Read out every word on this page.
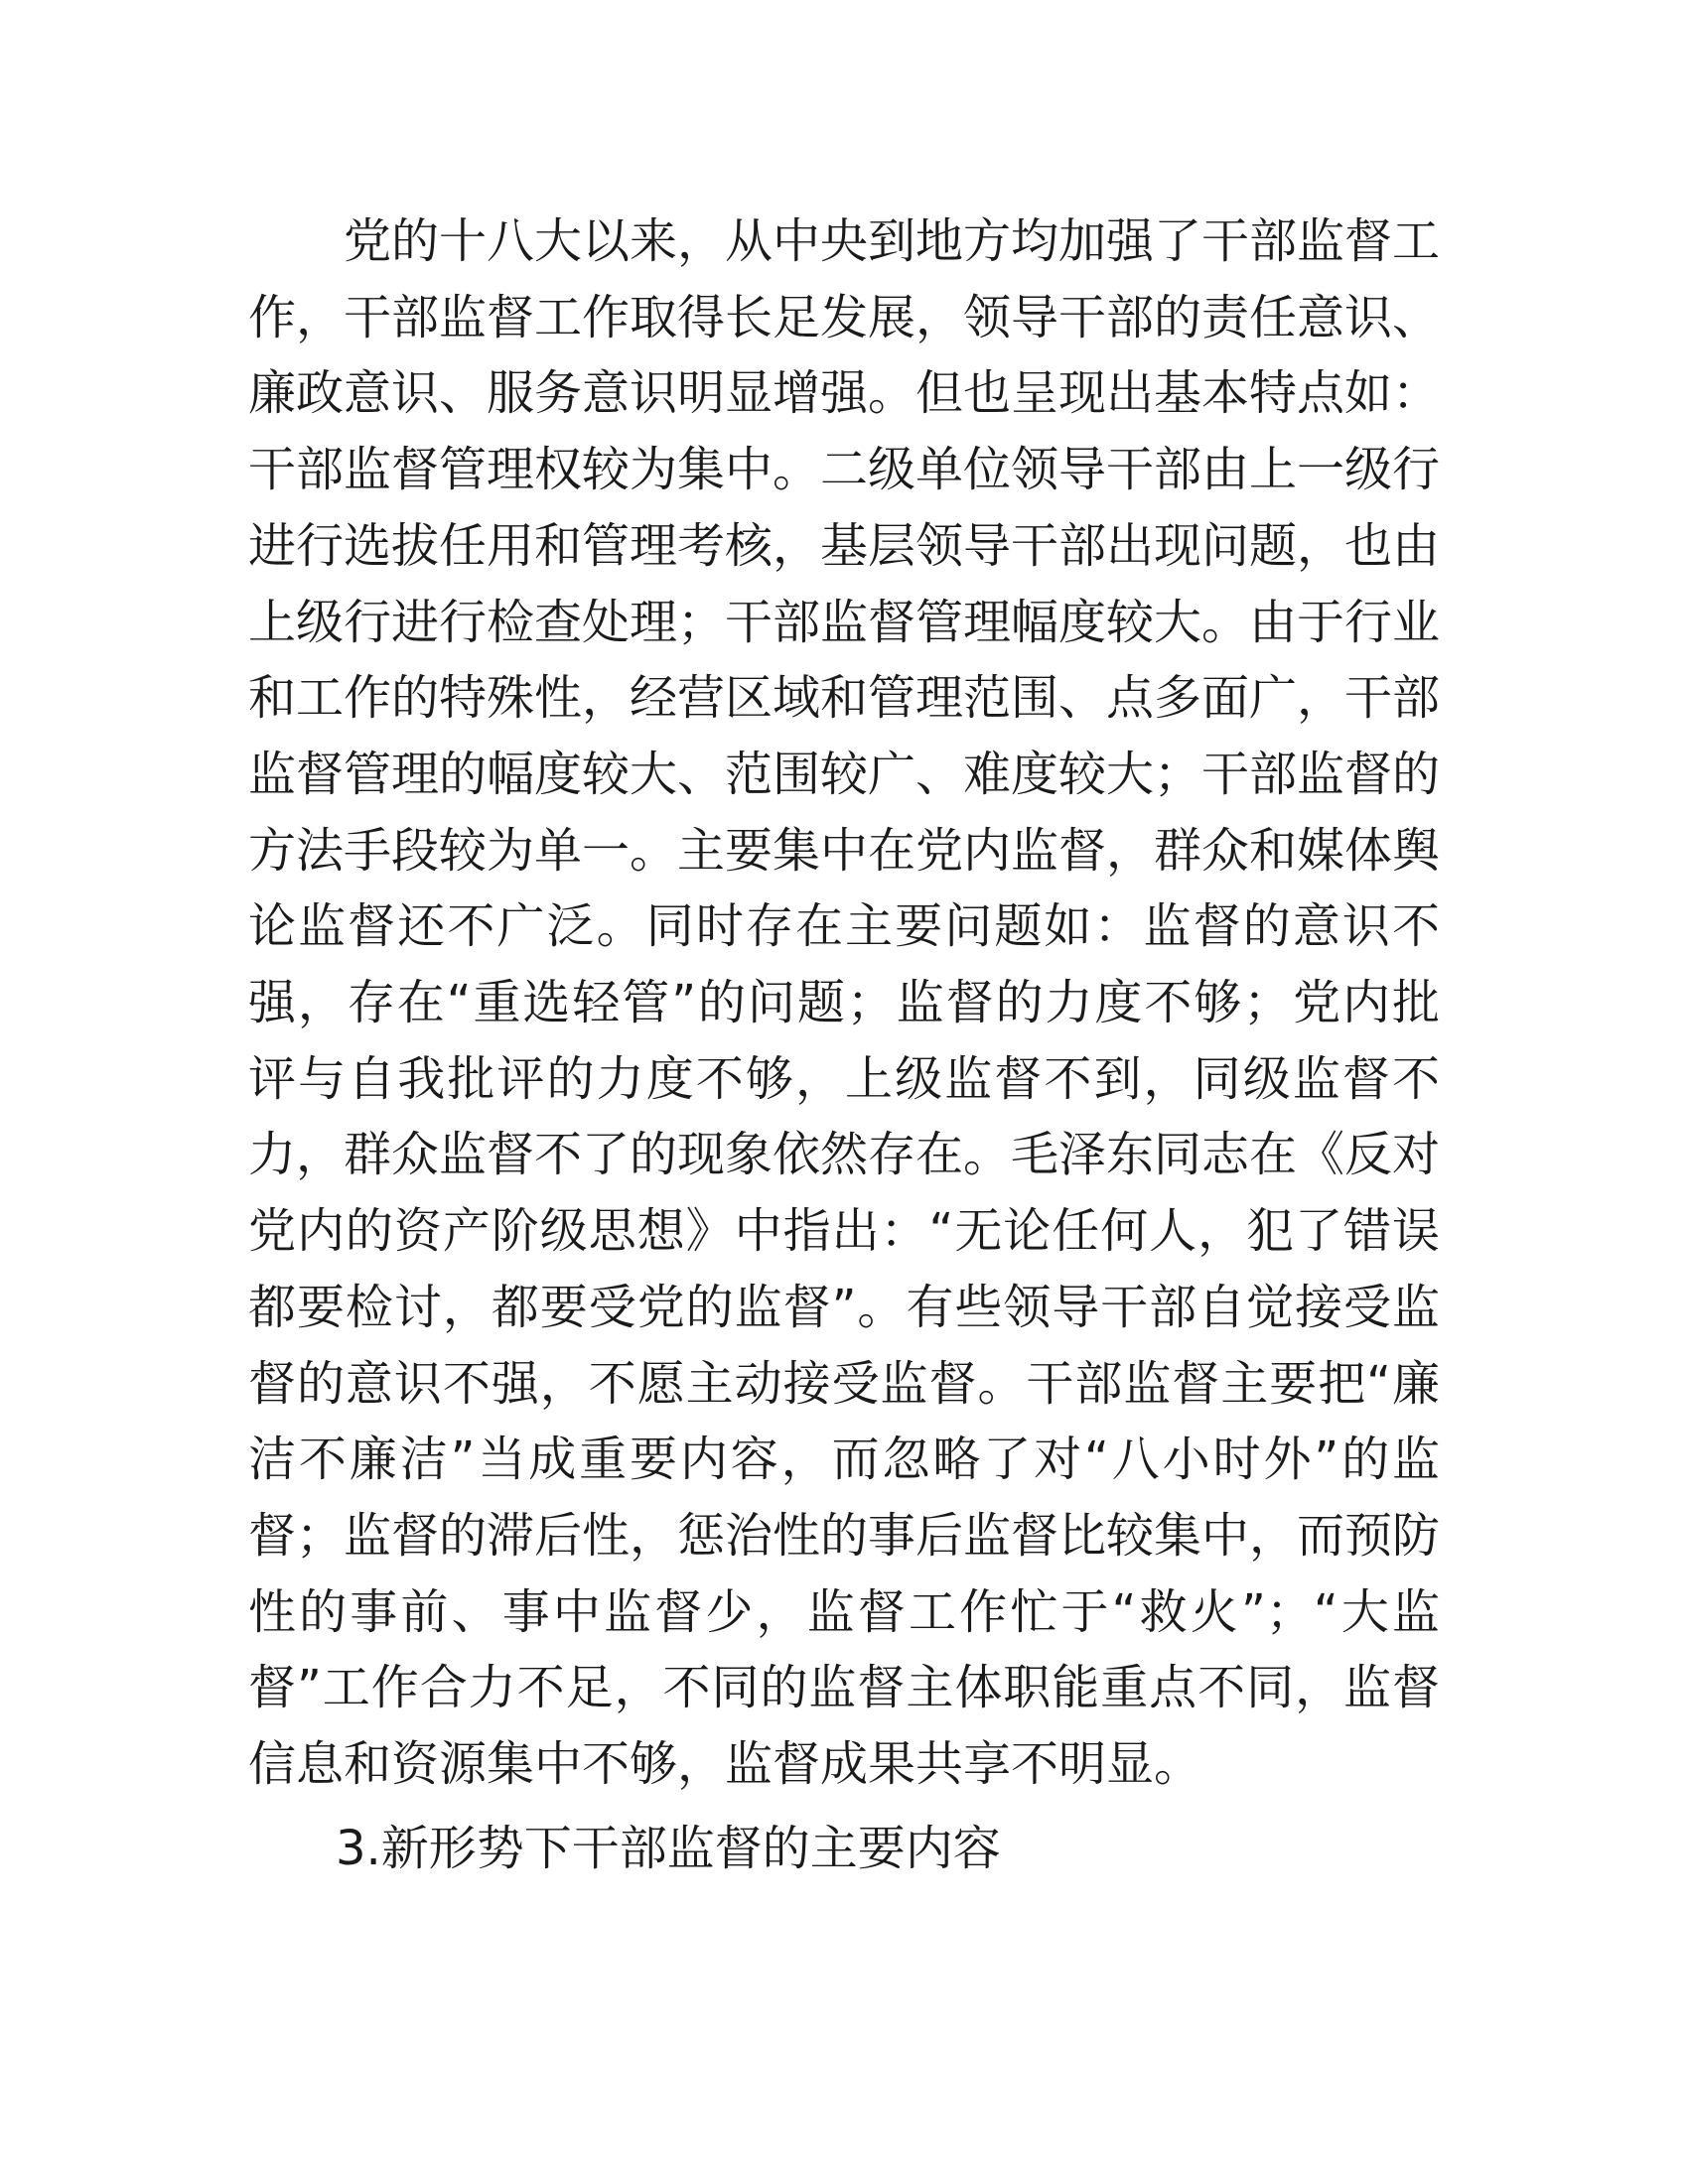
党的十八大以来，从中央到地方均加强了干部监督工作，干部监督工作取得长足发展，领导干部的责任意识、廉政意识、服务意识明显增强。但也呈现出基本特点如：干部监督管理权较为集中。二级单位领导干部由上一级行进行选拔任用和管理考核，基层领导干部出现问题，也由上级行进行检查处理；干部监督管理幅度较大。由于行业和工作的特殊性，经营区域和管理范围、点多面广，干部监督管理的幅度较大、范围较广、难度较大；干部监督的方法手段较为单一。主要集中在党内监督，群众和媒体舆论监督还不广泛。同时存在主要问题如：监督的意识不强，存在“重选轻管”的问题；监督的力度不够；党内批评与自我批评的力度不够，上级监督不到，同级监督不力，群众监督不了的现象依然存在。毛泽东同志在《反对党内的资产阶级思想》中指出：“无论任何人，犯了错误都要检讨，都要受党的监督”。有些领导干部自觉接受监督的意识不强，不愿主动接受监督。干部监督主要把“廉洁不廉洁”当成重要内容，而忽略了对“八小时外”的监督；监督的滞后性，惩治性的事后监督比较集中，而预防性的事前、事中监督少，监督工作忙于“救火”；“大监督”工作合力不足，不同的监督主体职能重点不同，监督信息和资源集中不够，监督成果共享不明显。

3.新形势下干部监督的主要内容
